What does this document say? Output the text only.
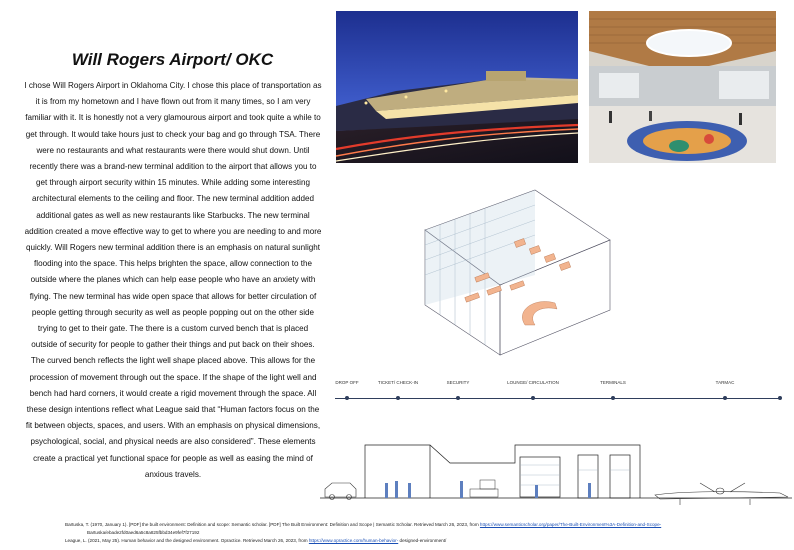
Will Rogers Airport/ OKC
I chose Will Rogers Airport in Oklahoma City. I chose this place of transportation as it is from my hometown and I have flown out from it many times, so I am very familiar with it. It is honestly not a very glamourous airport and took quite a while to get through. It would take hours just to check your bag and go through TSA. There were no restaurants and what restaurants were there would shut down. Until recently there was a brand-new terminal addition to the airport that allows you to get through airport security within 15 minutes. While adding some interesting architectural elements to the ceiling and floor. The new terminal addition added additional gates as well as new restaurants like Starbucks. The new terminal addition created a move effective way to get to where you are needing to and more quickly. Will Rogers new terminal addition there is an emphasis on natural sunlight flooding into the space. This helps brighten the space, allow connection to the outside where the planes which can help ease people who have an anxiety with flying. The new terminal has wide open space that allows for better circulation of people getting through security as well as people popping out on the other side trying to get to their gate. The there is a custom curved bench that is placed outside of security for people to gather their things and put back on their shoes. The curved bench reflects the light well shape placed above. This allows for the procession of movement through out the space. If the shape of the light well and bench had hard corners, it would create a rigid movement through the space. All these design intentions reflect what League said that “Human factors focus on the fit between objects, spaces, and users. With an emphasis on physical dimensions, psychological, social, and physical needs are also considered”. These elements create a practical yet functional space for people as well as easing the mind of anxious travels.
DROP OFF	TICKET/ CHECK-IN	SECURITY	LOUNGE/ CIRCULATION	TERMINALS	TARMAC
Bartuska, T. (1970, January 1). [PDF] the built environment: Definition and scope: Semantic scholar. [PDF] The Built Environment: Definition and Scope | Semantic Scholar. Retrieved March 26, 2023, from https://www.semanticscholar.org/paper/The-Built-Environment%3A-Definition-and-Scope-
Bartuska/ebade2fd0aed6a5c8a825fbbd34e9fef7f27192
League, L. (2021, May 25). Human behavior and the designed environment. Opractice. Retrieved March 26, 2023, from https://www.opractice.com/human-behavior- designed-environment/
